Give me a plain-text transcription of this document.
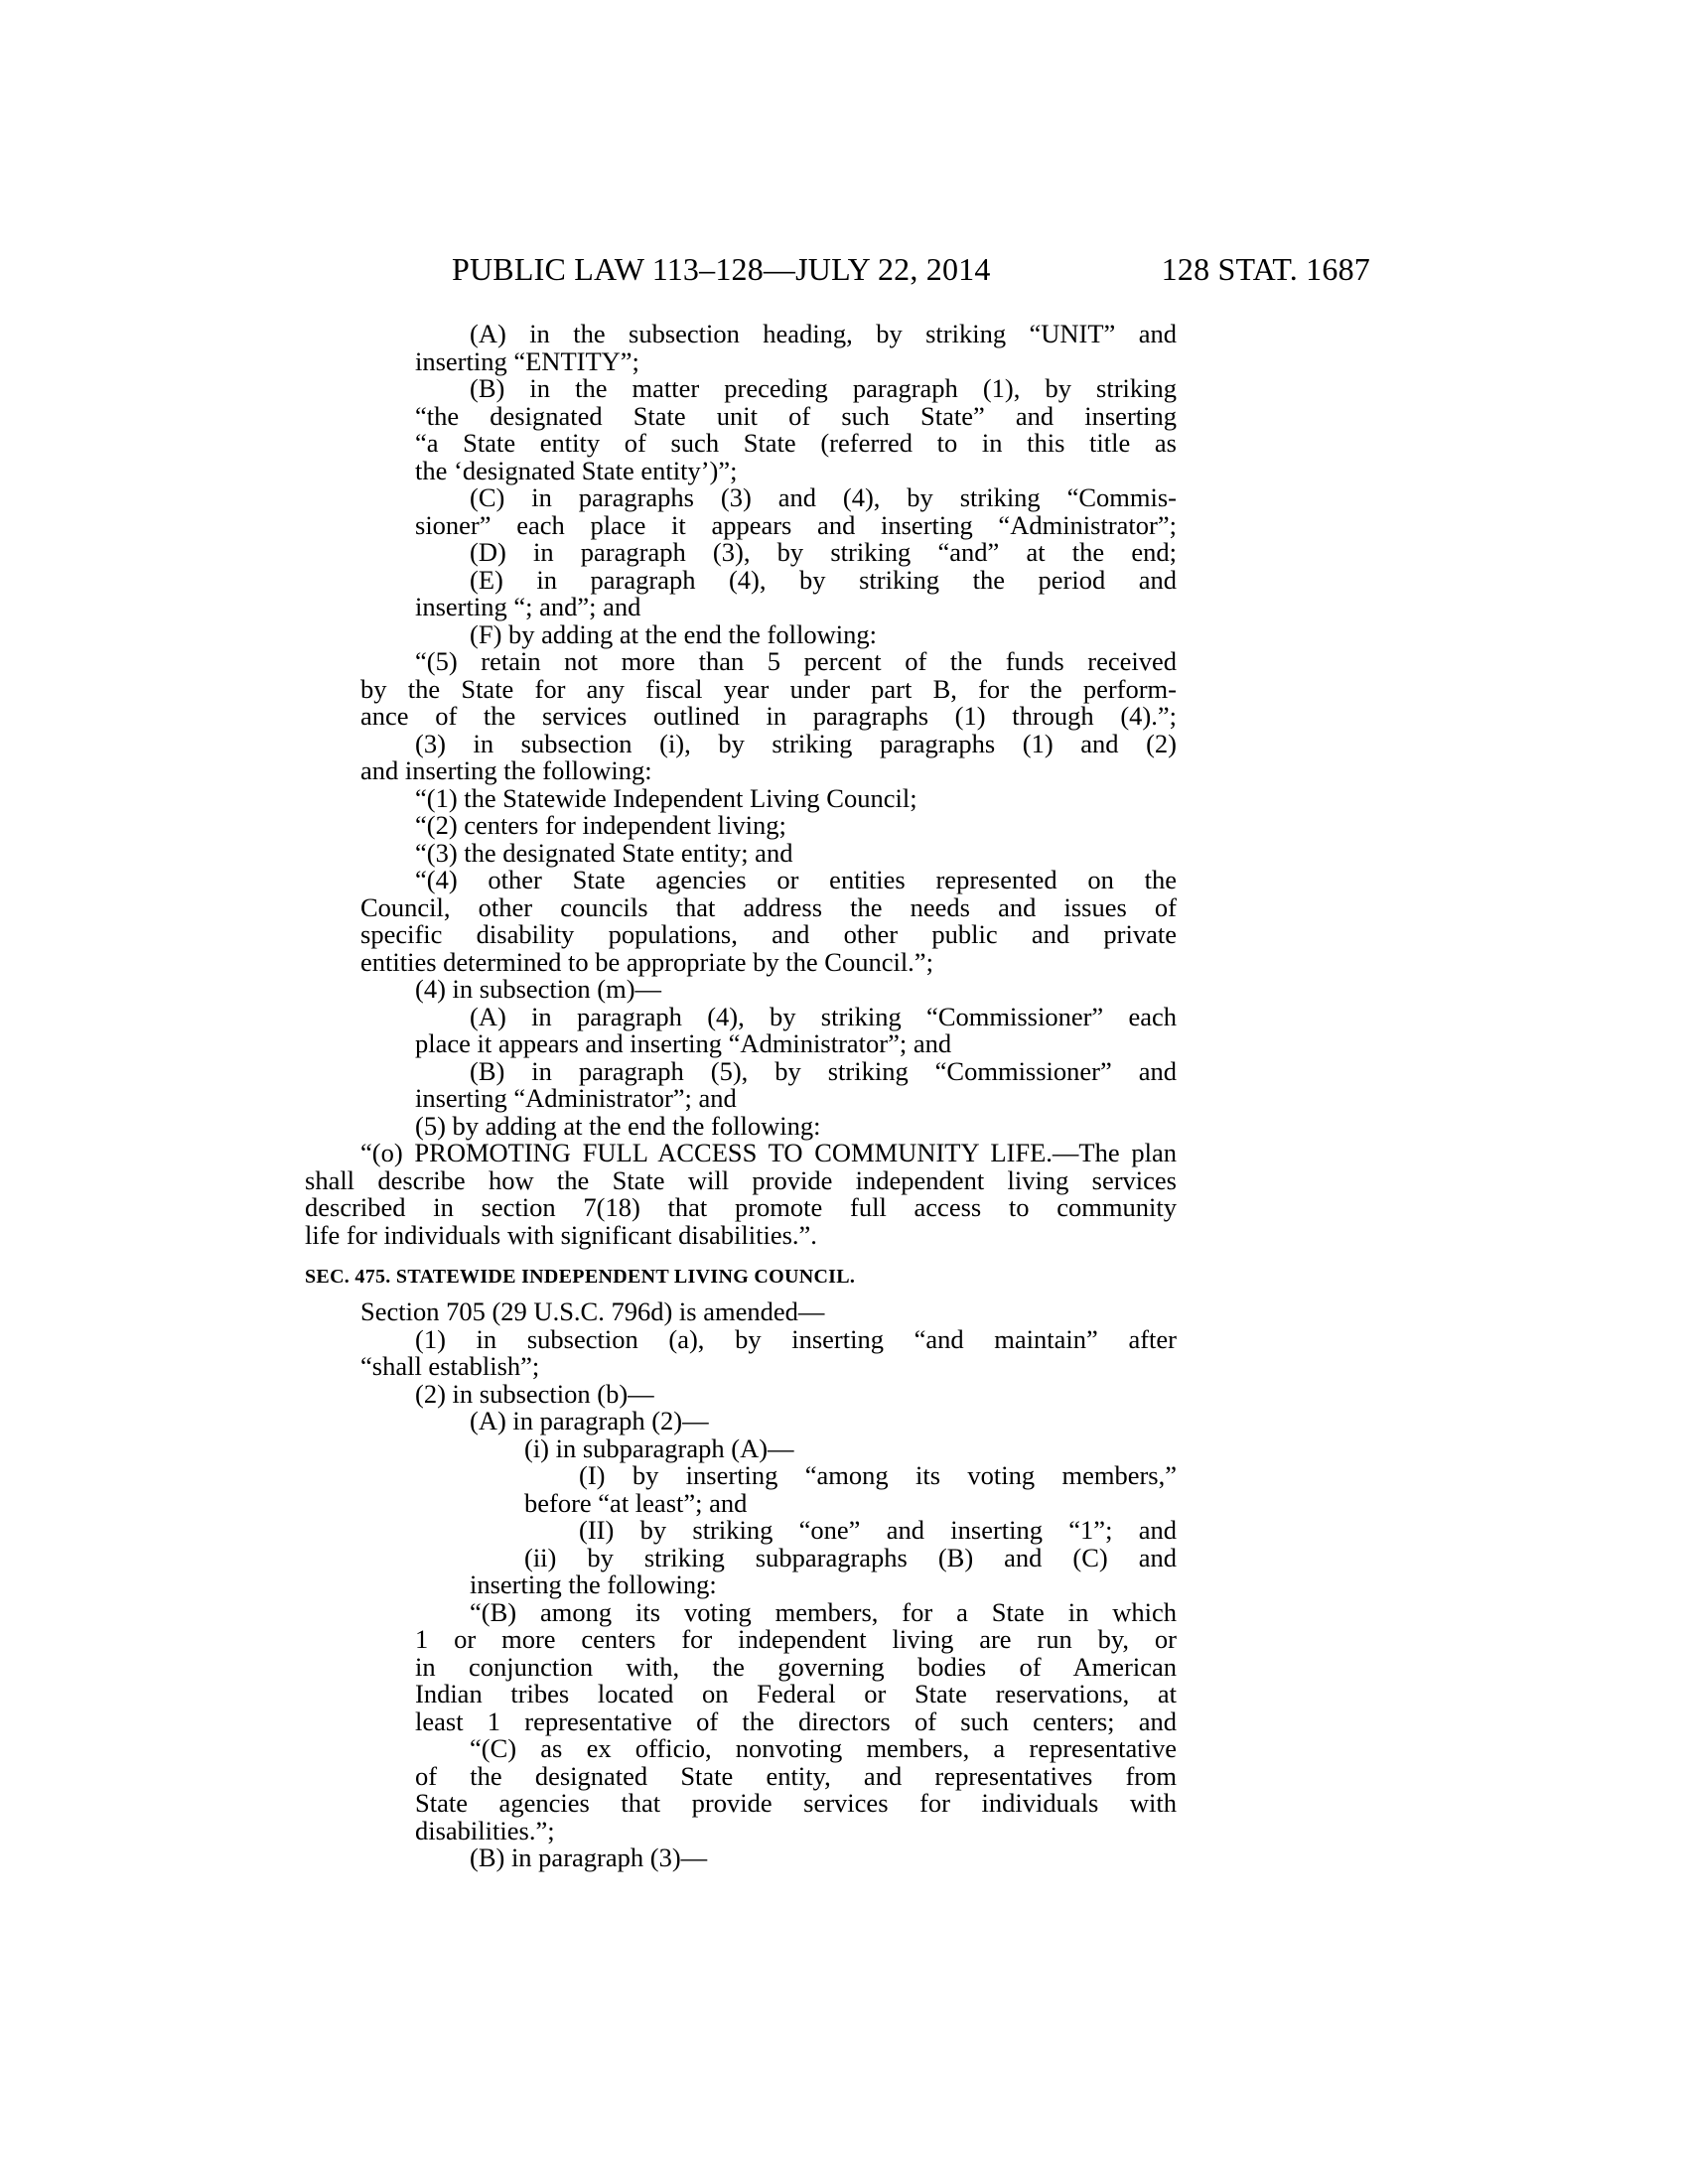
PUBLIC LAW 113–128—JULY 22, 2014	128 STAT. 1687
(A) in the subsection heading, by striking “UNIT” and
inserting “ENTITY”;
(B) in the matter preceding paragraph (1), by striking
“the designated State unit of such State” and inserting
“a State entity of such State (referred to in this title as
the ‘designated State entity’)”;
(C) in paragraphs (3) and (4), by striking “Commis-
sioner” each place it appears and inserting “Administrator”;
(D) in paragraph (3), by striking “and” at the end;
(E) in paragraph (4), by striking the period and
inserting “; and”; and
(F) by adding at the end the following:
“(5) retain not more than 5 percent of the funds received
by the State for any fiscal year under part B, for the perform-
ance of the services outlined in paragraphs (1) through (4).”;
(3) in subsection (i), by striking paragraphs (1) and (2)
and inserting the following:
“(1) the Statewide Independent Living Council;
“(2) centers for independent living;
“(3) the designated State entity; and
“(4) other State agencies or entities represented on the
Council, other councils that address the needs and issues of
specific disability populations, and other public and private
entities determined to be appropriate by the Council.”;
(4) in subsection (m)—
(A) in paragraph (4), by striking “Commissioner” each
place it appears and inserting “Administrator”; and
(B) in paragraph (5), by striking “Commissioner” and
inserting “Administrator”; and
(5) by adding at the end the following:
“(o) PROMOTING FULL ACCESS TO COMMUNITY LIFE.—The plan
shall describe how the State will provide independent living services
described in section 7(18) that promote full access to community
life for individuals with significant disabilities.”.
SEC. 475. STATEWIDE INDEPENDENT LIVING COUNCIL.
Section 705 (29 U.S.C. 796d) is amended—
(1) in subsection (a), by inserting “and maintain” after
“shall establish”;
(2) in subsection (b)—
(A) in paragraph (2)—
(i) in subparagraph (A)—
(I) by inserting “among its voting members,”
before “at least”; and
(II) by striking “one” and inserting “1”; and
(ii) by striking subparagraphs (B) and (C) and
inserting the following:
“(B) among its voting members, for a State in which
1 or more centers for independent living are run by, or
in conjunction with, the governing bodies of American
Indian tribes located on Federal or State reservations, at
least 1 representative of the directors of such centers; and
“(C) as ex officio, nonvoting members, a representative
of the designated State entity, and representatives from
State agencies that provide services for individuals with
disabilities.”;
(B) in paragraph (3)—
